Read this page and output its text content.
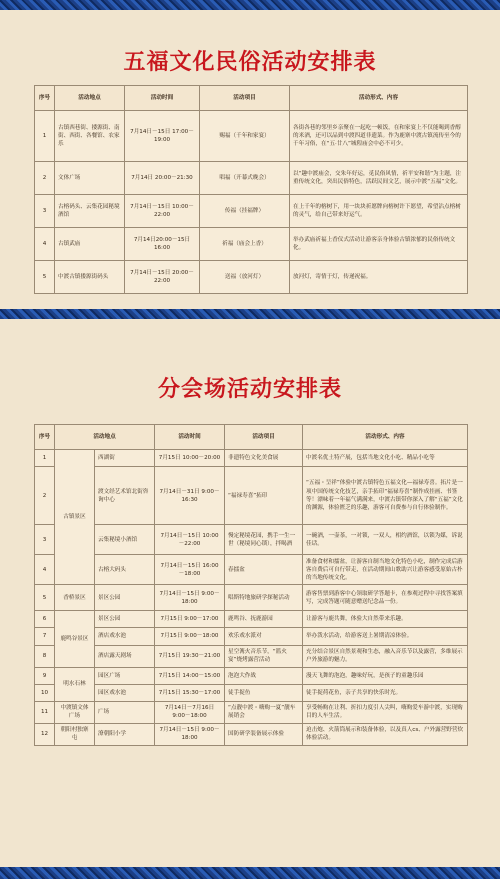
五福文化民俗活动安排表
序号	活动地点	活动时间	活动项目	活动形式、内容
1	古镇西巷街、搂源街、南街、西街、各餐馆、农家乐	7月14日－15日 17:00－19:00	赐福（千年和家宴）	各街各巷的邻里乡亲聚在一起吃一顿饭，在和家宴上不仅能喝到香醇的米酒，还可以品到中渡四道非遗菜。作为鹿寨中渡古镇流传至今的千年习俗，在“五·廿八”城隍庙会中必不可少。
2	文体广场	7月14日 20:00－21:30	唱福（开幕式晚会）	以“趣中渡庙会，交朱年好运，觅民俗风情，祈平安和谐”为主题，注重传统文化，突出民俗特色，活跃民间文艺，展示中渡“五福”文化。
3	古榕码头、云集花园秘境酒馆	7月14日－15日 10:00－22:00	传福（挂福牌）	在上千年的榕树下，用一块块祈愿牌向榕树许下愿望，希望沾点榕树的灵气，给自己带来好运气。
4	古镇武庙	7月14日20:00－15日16:00	祈福（庙会上香）	举办武庙祈福上香仪式活动让游客亲身体验古镇浓郁的民俗传统文化。
5	中渡古镇搂源街码头	7月14日－15日 20:00－22:00	送福（放河灯）	放河灯，寄情于灯，传递祝福。
分会场活动安排表
序号	活动地点		活动时间	活动项目	活动形式、内容
1	古镇景区	西湖街	7月15日 10:00－20:00	非遗特色文化美食展	中渡名优土特产展，包括当地文化小吃、精品小吃等
2		渡文经艺术馆北街咨询中心	7月14日－31日 9:00－16:30	“福禄寿喜”拓印	“五福・呈祥”体验中渡古镇特色五福文化—福禄寿喜。拓片是一项中国传统文化技艺，亲手拓印“福禄寿喜”制作成挂画、书签等！漂味着一年福气满满来，中渡古镇带你深入了解“五福”文化的渊源，体验匮乏的乐趣，游客可自费参与自行体验制作。
3		云集秘境小酒馆	7月14日－15日 10:00－22:00	慢定秘境花园，携手一生一世（秘境同心锁），拌喝酒	一碗酒，一壶茶，一对锁，一双人，相约酒馆，以锁为媒，诉说佳话。
4		古榕大码头	7月14日－15日 16:00－18:00	春擂盆	准备食材和擂盆，让游客自制当地文化特色小吃，制作完成后游客自费后可自行带走，在活动期间山歌助兴让游客感受原始古朴的当地传统文化。
5	香桥景区	景区公园	7月14日－15日 9:00－18:00	唱斯特地旅研学探秘活动	游客售票到游客中心领取研学答题卡，在参观过程中寻找答案填写，完成答题可随意赠送纪念品一份。
6	鹿鸣谷景区	景区公园	7月15日 9:00－17:00	鹿鸣谷、抚鹿游园	让游客与鹿共舞，体验大自然带来乐趣。
7		酒店戏水池	7月15日 9:00－18:00	欢乐戏水派对	举办泼水活动，给游客送上暑期清凉体验。
8		酒店露天剧场	7月15日 19:30－21:00	星空篝火音乐节，“篮火宴”烧烤露营活动	充分结合景区自然景观和生态，融入音乐节以及露营，多维展示户外旅游的魅力。
9	明水石林	园区广场	7月15日 14:00－15:00	泡泡大作战	漫天飞舞的泡泡，趣味好玩，是孩子的童趣乐园
10		园区戏水池	7月15日 15:30－17:00	徒手捉鱼	徒手捉荷花鱼，亲子共享的快乐时光。
11	中渡镇文体广场	广场	7月14日－7月16日 9:00－18:00	“点靓中渡・嗨购一夏”靓车展销会	享受畅购在让利、折扣力度引人尖叫，嗨购爱车游中渡，实现购目的人车生活。
12	朝阳村独寨屯	潦朝阳小学	7月14日－15日 9:00－18:00	国防研学装备展示体验	迫击炮、火箭筒展示和装备体验，以及真人cs、户外露营野营炊体验活动。
